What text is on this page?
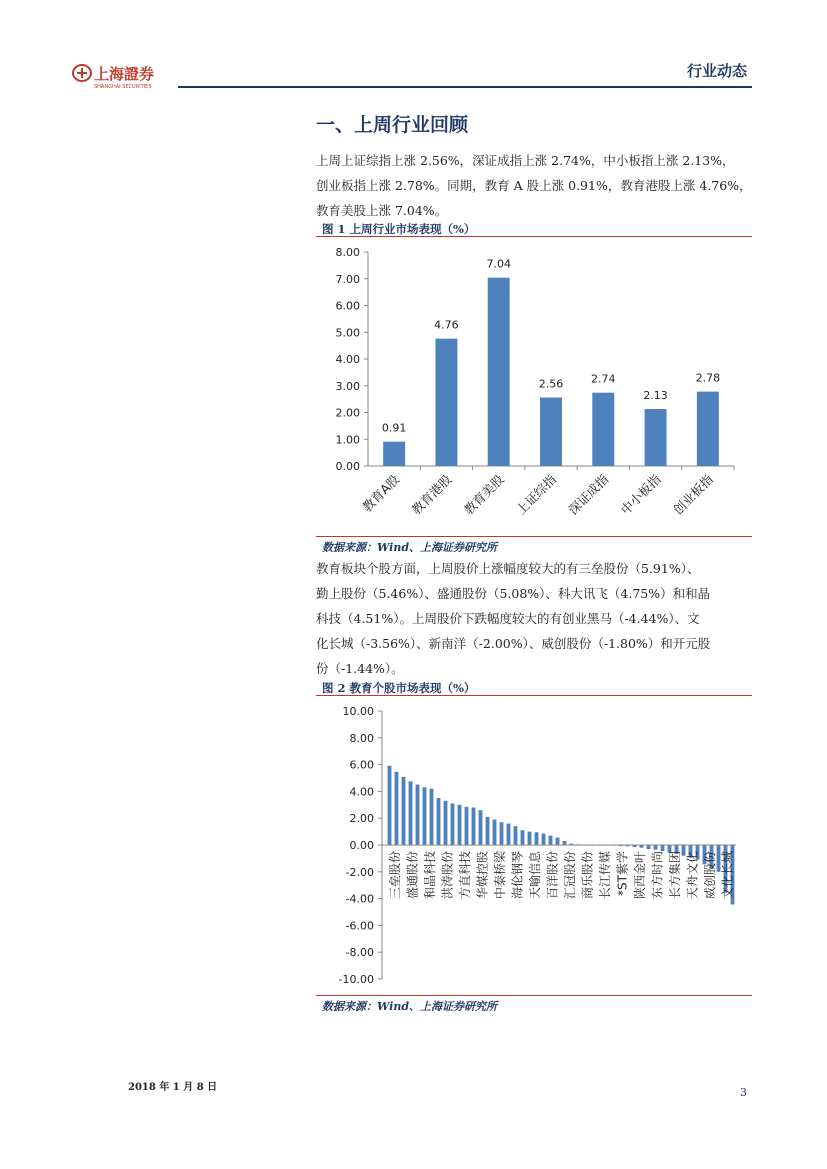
上海證券
SHANGHAI SECURITIES
行业动态
一、上周行业回顾

上周上证综指上涨 2.56%，深证成指上涨 2.74%，中小板指上涨 2.13%，

创业板指上涨 2.78%。同期，教育 A 股上涨 0.91%，教育港股上涨 4.76%，

教育美股上涨 7.04%。

图 1 上周行业市场表现（%）
0.00
1.00
2.00
3.00
4.00
5.00
6.00
7.00
8.00
0.91
教育A股
4.76
教育港股
7.04
教育美股
2.56
上证综指
2.74
深证成指
2.13
中小板指
2.78
创业板指
数据来源：Wind、上海证券研究所

教育板块个股方面，上周股价上涨幅度较大的有三垒股份（5.91%）、

勤上股份（5.46%）、盛通股份（5.08%）、科大讯飞（4.75%）和和晶

科技（4.51%）。上周股价下跌幅度较大的有创业黑马（-4.44%）、文

化长城（-3.56%）、新南洋（-2.00%）、威创股份（-1.80%）和开元股

份（-1.44%）。

图 2 教育个股市场表现（%）
-10.00
-8.00
-6.00
-4.00
-2.00
0.00
2.00
4.00
6.00
8.00
10.00
三垒股份 盛通股份 和晶科技 洪涛股份 方直科技 华媒控股 中泰桥梁 海伦钢琴 天喻信息 百洋股份 汇冠股份 商乐股份 长江传媒 *ST紫学 陕西金叶 东方时尚 长方集团 天舟文化 威创股份 文化长城
数据来源：Wind、上海证券研究所
2018 年 1 月 8 日	3
